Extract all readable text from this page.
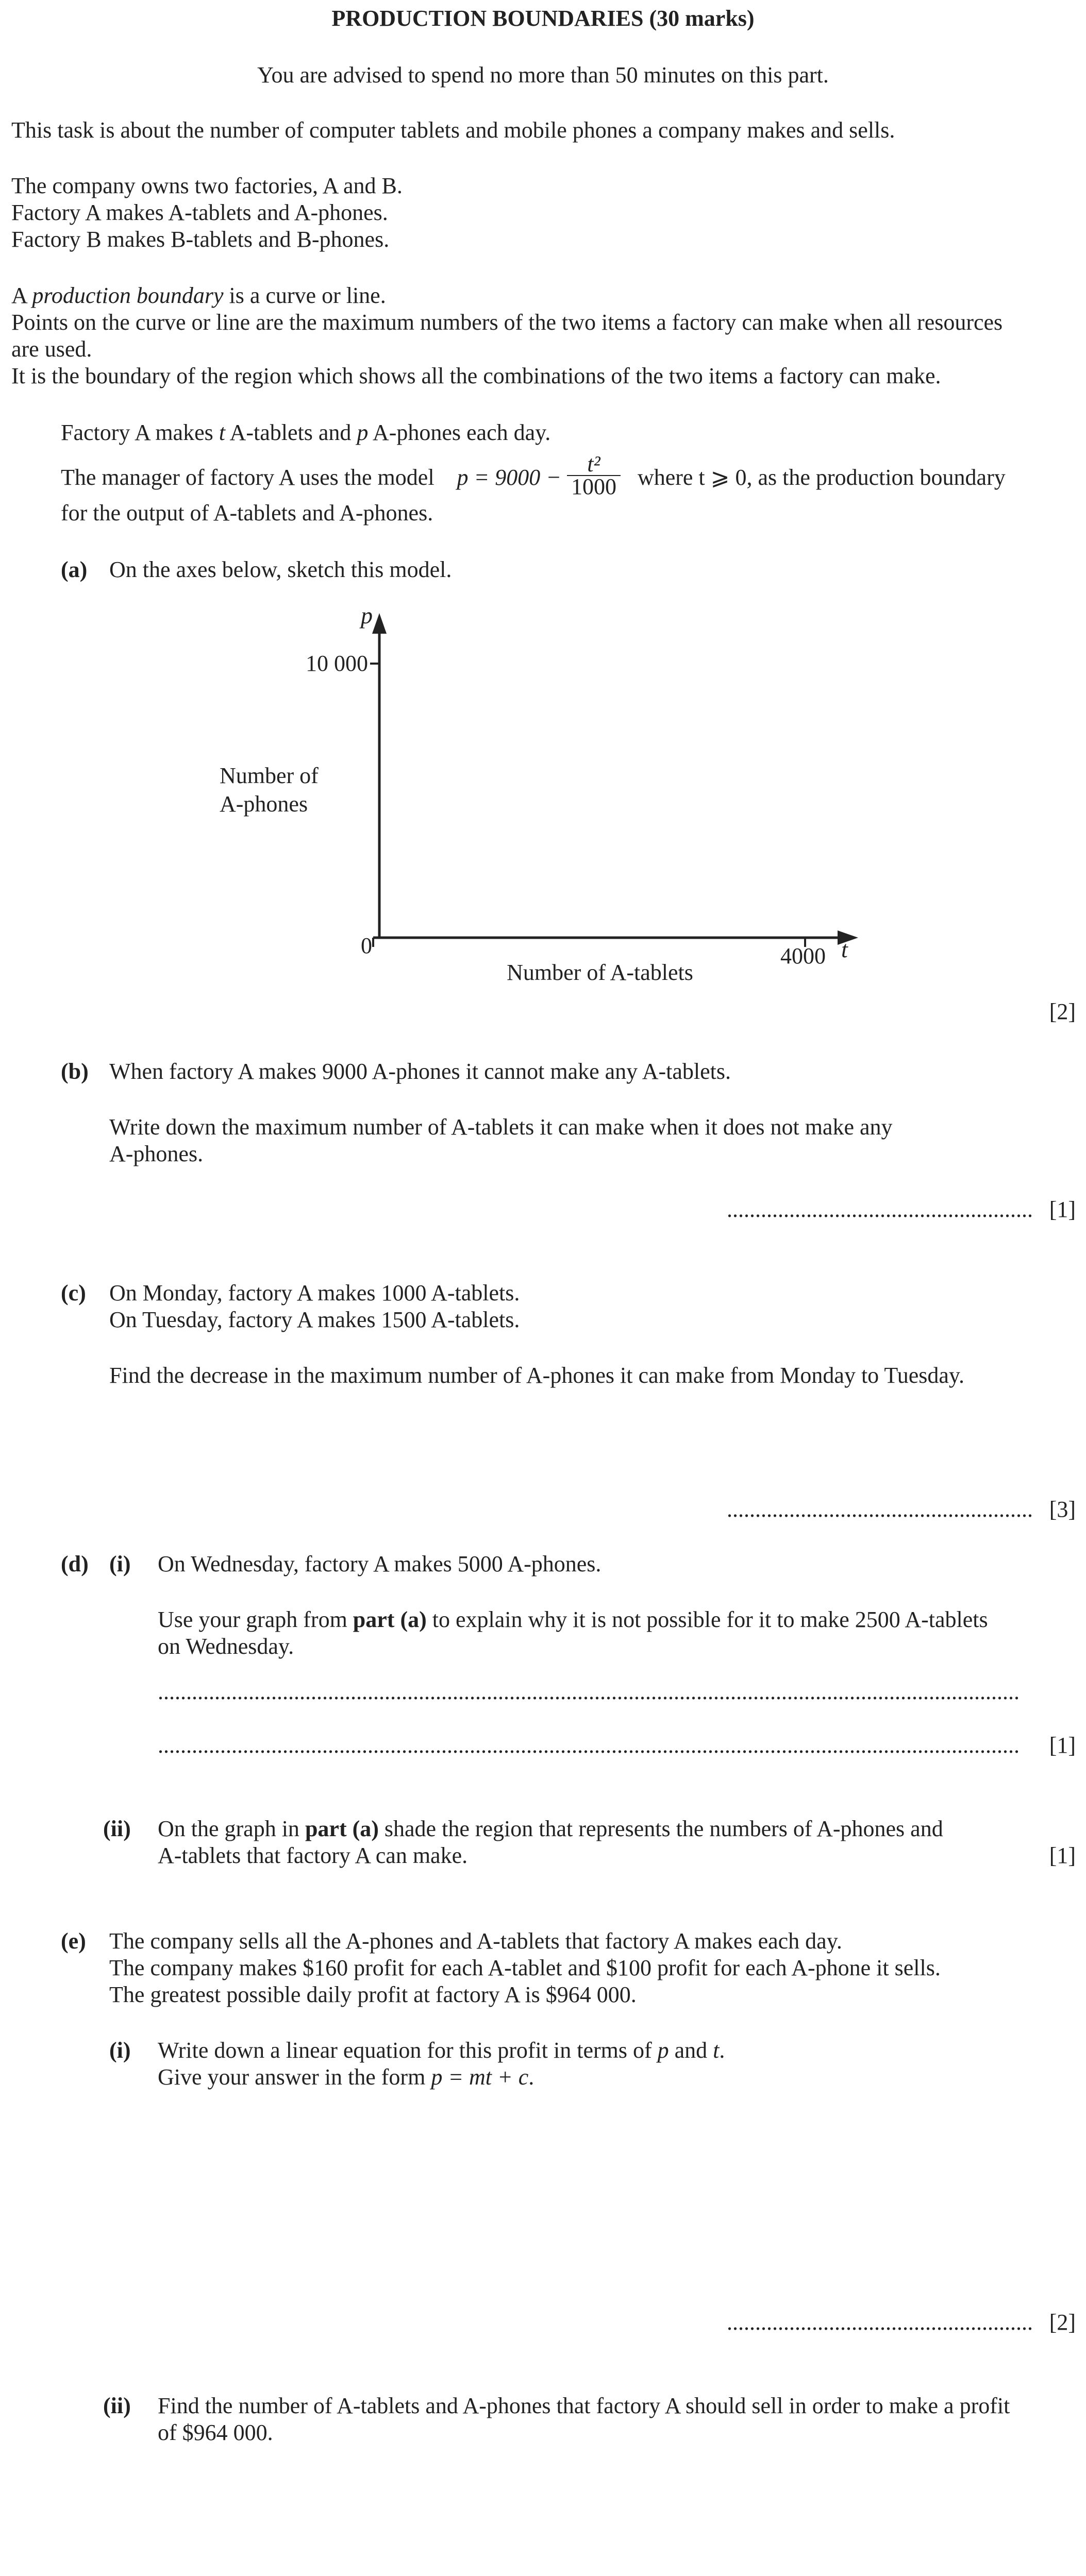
PRODUCTION BOUNDARIES (30 marks)
You are advised to spend no more than 50 minutes on this part.
This task is about the number of computer tablets and mobile phones a company makes and sells.
The company owns two factories, A and B.
Factory A makes A-tablets and A-phones.
Factory B makes B-tablets and B-phones.
A production boundary is a curve or line.
Points on the curve or line are the maximum numbers of the two items a factory can make when all resources
are used.
It is the boundary of the region which shows all the combinations of the two items a factory can make.
Factory A makes t A-tablets and p A-phones each day.
The manager of factory A uses the model $p = 9000 - \frac{\text{t²}}{1000}$ where t ⩾ 0, as the production boundary
for the output of A-tablets and A-phones.
(a) On the axes below, sketch this model.
p
10 000
t
4000
0
Number of
A-phones
Number of A-tablets
[2]
(b) When factory A makes 9000 A-phones it cannot make any A-tablets.
Write down the maximum number of A-tablets it can make when it does not make any
A-phones.
...................................................... [1]
(c) On Monday, factory A makes 1000 A-tablets.
On Tuesday, factory A makes 1500 A-tablets.
Find the decrease in the maximum number of A-phones it can make from Monday to Tuesday.
...................................................... [3]
(d) (i) On Wednesday, factory A makes 5000 A-phones.
Use your graph from part (a) to explain why it is not possible for it to make 2500 A-tablets
on Wednesday.
........................................................................................................................................................
........................................................................................................................................................	[1]
(ii) On the graph in part (a) shade the region that represents the numbers of A-phones and
A-tablets that factory A can make.	[1]
(e) The company sells all the A-phones and A-tablets that factory A makes each day.
The company makes $160 profit for each A-tablet and $100 profit for each A-phone it sells.
The greatest possible daily profit at factory A is $964 000.
(i) Write down a linear equation for this profit in terms of p and t.
Give your answer in the form p = mt + c.
...................................................... [2]
(ii) Find the number of A-tablets and A-phones that factory A should sell in order to make a profit
of $964 000.
